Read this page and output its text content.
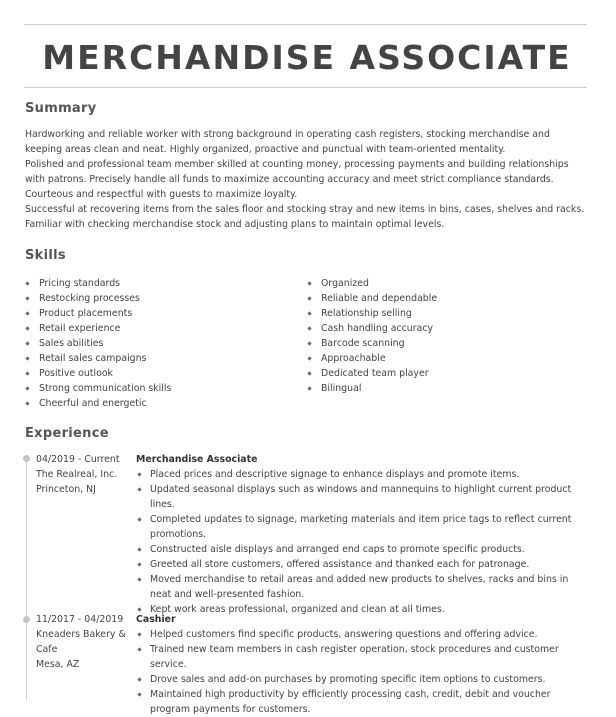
MERCHANDISE ASSOCIATE
Summary

Hardworking and reliable worker with strong background in operating cash registers, stocking merchandise and keeping areas clean and neat. Highly organized, proactive and punctual with team-oriented mentality.

Polished and professional team member skilled at counting money, processing payments and building relationships with patrons. Precisely handle all funds to maximize accounting accuracy and meet strict compliance standards. Courteous and respectful with guests to maximize loyalty.

Successful at recovering items from the sales floor and stocking stray and new items in bins, cases, shelves and racks. Familiar with checking merchandise stock and adjusting plans to maintain optimal levels.

Skills
Pricing standards
Restocking processes
Product placements
Retail experience
Sales abilities
Retail sales campaigns
Positive outlook
Strong communication skills
Cheerful and energetic
Organized
Reliable and dependable
Relationship selling
Cash handling accuracy
Barcode scanning
Approachable
Dedicated team player
Bilingual
Experience
04/2019 - Current
The Realreal, Inc.
Princeton, NJ
Merchandise Associate
Placed prices and descriptive signage to enhance displays and promote items.
Updated seasonal displays such as windows and mannequins to highlight current product lines.
Completed updates to signage, marketing materials and item price tags to reflect current promotions.
Constructed aisle displays and arranged end caps to promote specific products.
Greeted all store customers, offered assistance and thanked each for patronage.
Moved merchandise to retail areas and added new products to shelves, racks and bins in neat and well-presented fashion.
Kept work areas professional, organized and clean at all times.
11/2017 - 04/2019
Kneaders Bakery & Cafe
Mesa, AZ
Cashier
Helped customers find specific products, answering questions and offering advice.
Trained new team members in cash register operation, stock procedures and customer service.
Drove sales and add-on purchases by promoting specific item options to customers.
Maintained high productivity by efficiently processing cash, credit, debit and voucher program payments for customers.
